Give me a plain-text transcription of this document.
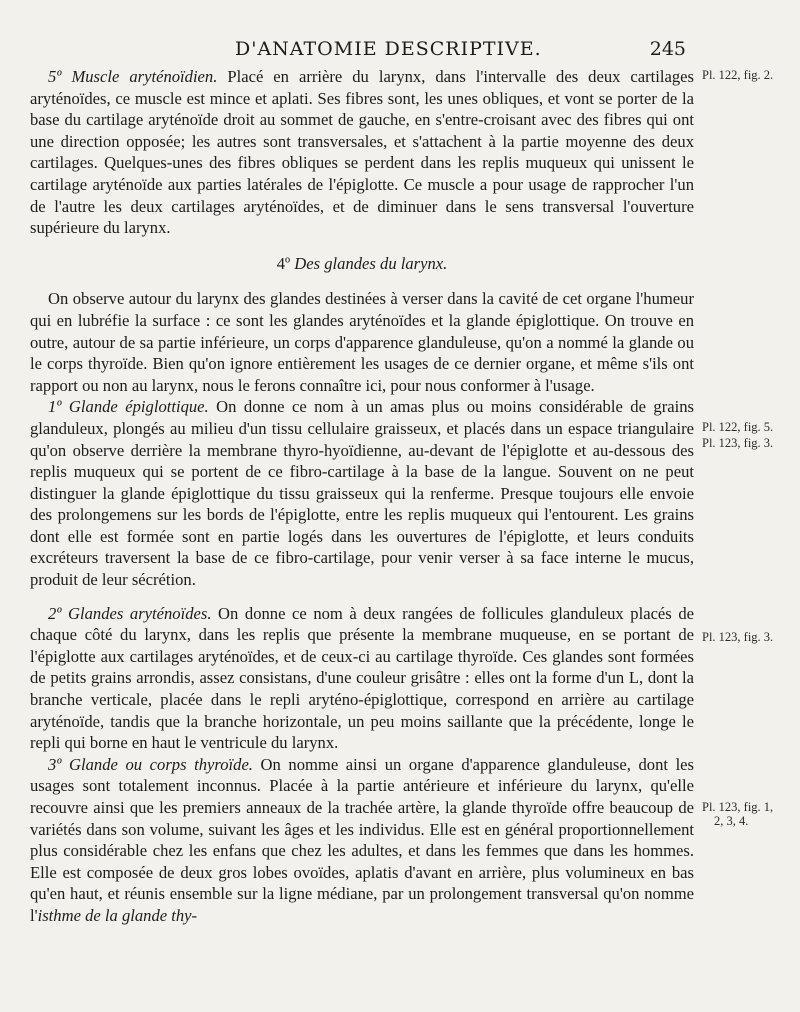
D'ANATOMIE DESCRIPTIVE.	245

5º Muscle aryténoïdien. Placé en arrière du larynx, dans l'intervalle des deux cartilages aryténoïdes, ce muscle est mince et aplati. Ses fibres sont, les unes obliques, et vont se porter de la base du cartilage aryténoïde droit au sommet de gauche, en s'entre-croisant avec des fibres qui ont une direction opposée; les autres sont transversales, et s'attachent à la partie moyenne des deux cartilages. Quelques-unes des fibres obliques se perdent dans les replis muqueux qui unissent le cartilage aryténoïde aux parties latérales de l'épiglotte. Ce muscle a pour usage de rapprocher l'un de l'autre les deux cartilages aryténoïdes, et de diminuer dans le sens transversal l'ouverture supérieure du larynx.

4º Des glandes du larynx.

On observe autour du larynx des glandes destinées à verser dans la cavité de cet organe l'humeur qui en lubréfie la surface : ce sont les glandes aryténoïdes et la glande épiglottique. On trouve en outre, autour de sa partie inférieure, un corps d'apparence glanduleuse, qu'on a nommé la glande ou le corps thyroïde. Bien qu'on ignore entièrement les usages de ce dernier organe, et même s'ils ont rapport ou non au larynx, nous le ferons connaître ici, pour nous conformer à l'usage.

1º Glande épiglottique. On donne ce nom à un amas plus ou moins considérable de grains glanduleux, plongés au milieu d'un tissu cellulaire graisseux, et placés dans un espace triangulaire qu'on observe derrière la membrane thyro-hyoïdienne, au-devant de l'épiglotte et au-dessous des replis muqueux qui se portent de ce fibro-cartilage à la base de la langue. Souvent on ne peut distinguer la glande épiglottique du tissu graisseux qui la renferme. Presque toujours elle envoie des prolongemens sur les bords de l'épiglotte, entre les replis muqueux qui l'entourent. Les grains dont elle est formée sont en partie logés dans les ouvertures de l'épiglotte, et leurs conduits excréteurs traversent la base de ce fibro-cartilage, pour venir verser à sa face interne le mucus, produit de leur sécrétion.

2º Glandes aryténoïdes. On donne ce nom à deux rangées de follicules glanduleux placés de chaque côté du larynx, dans les replis que présente la membrane muqueuse, en se portant de l'épiglotte aux cartilages aryténoïdes, et de ceux-ci au cartilage thyroïde. Ces glandes sont formées de petits grains arrondis, assez consistans, d'une couleur grisâtre : elles ont la forme d'un L, dont la branche verticale, placée dans le repli aryténo-épiglottique, correspond en arrière au cartilage aryténoïde, tandis que la branche horizontale, un peu moins saillante que la précédente, longe le repli qui borne en haut le ventricule du larynx.

3º Glande ou corps thyroïde. On nomme ainsi un organe d'apparence glanduleuse, dont les usages sont totalement inconnus. Placée à la partie antérieure et inférieure du larynx, qu'elle recouvre ainsi que les premiers anneaux de la trachée artère, la glande thyroïde offre beaucoup de variétés dans son volume, suivant les âges et les individus. Elle est en général proportionnellement plus considérable chez les enfans que chez les adultes, et dans les femmes que dans les hommes. Elle est composée de deux gros lobes ovoïdes, aplatis d'avant en arrière, plus volumineux en bas qu'en haut, et réunis ensemble sur la ligne médiane, par un prolongement transversal qu'on nomme l'isthme de la glande thy-

Pl. 122, fig. 2.
Pl. 122, fig. 5.
Pl. 123, fig. 3.
Pl. 123, fig. 3.
Pl. 123, fig. 1,
2, 3, 4.
